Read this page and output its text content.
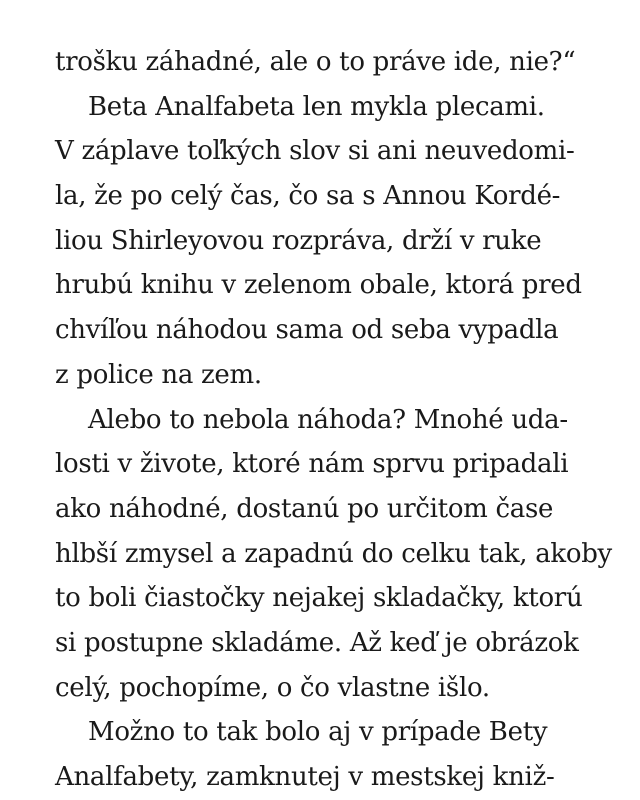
trošku záhadné, ale o to práve ide, nie?“
Beta Analfabeta len mykla plecami.
V záplave toľkých slov si ani neuvedomi-
la, že po celý čas, čo sa s Annou Kordé-
liou Shirleyovou rozpráva, drží v ruke
hrubú knihu v zelenom obale, ktorá pred
chvíľou náhodou sama od seba vypadla
z police na zem.
Alebo to nebola náhoda? Mnohé uda-
losti v živote, ktoré nám sprvu pripadali
ako náhodné, dostanú po určitom čase
hlbší zmysel a zapadnú do celku tak, akoby
to boli čiastočky nejakej skladačky, ktorú
si postupne skladáme. Až keď je obrázok
celý, pochopíme, o čo vlastne išlo.
Možno to tak bolo aj v prípade Bety
Analfabety, zamknutej v mestskej kniž-
